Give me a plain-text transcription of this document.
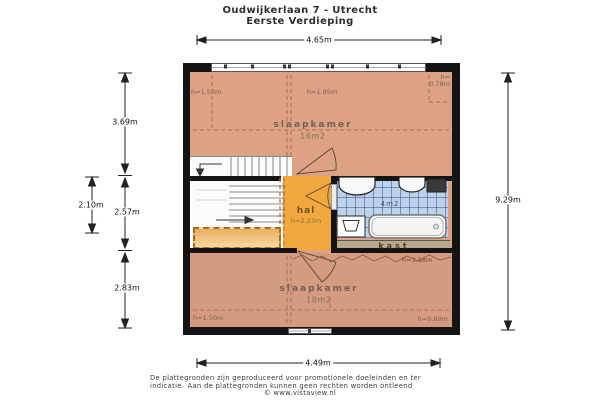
Oudwijkerlaan 7 - Utrecht
Eerste Verdieping
slaapkamer
16m2
h=1.50m	h=1.95m
h=
0.78m
4m2
hal
h=2.23m
kast
h=3.58m
slaapkamer
10m2
h=1.50m	h=0.89m
4.65m
4.49m
3.69m
2.10m
2.57m
2.83m
9.29m
De plattegronden zijn geproduceerd voor promotionele doeleinden en ter indicatie. Aan de plattegronden kunnen geen rechten worden ontleend
© www.vistaview.nl
